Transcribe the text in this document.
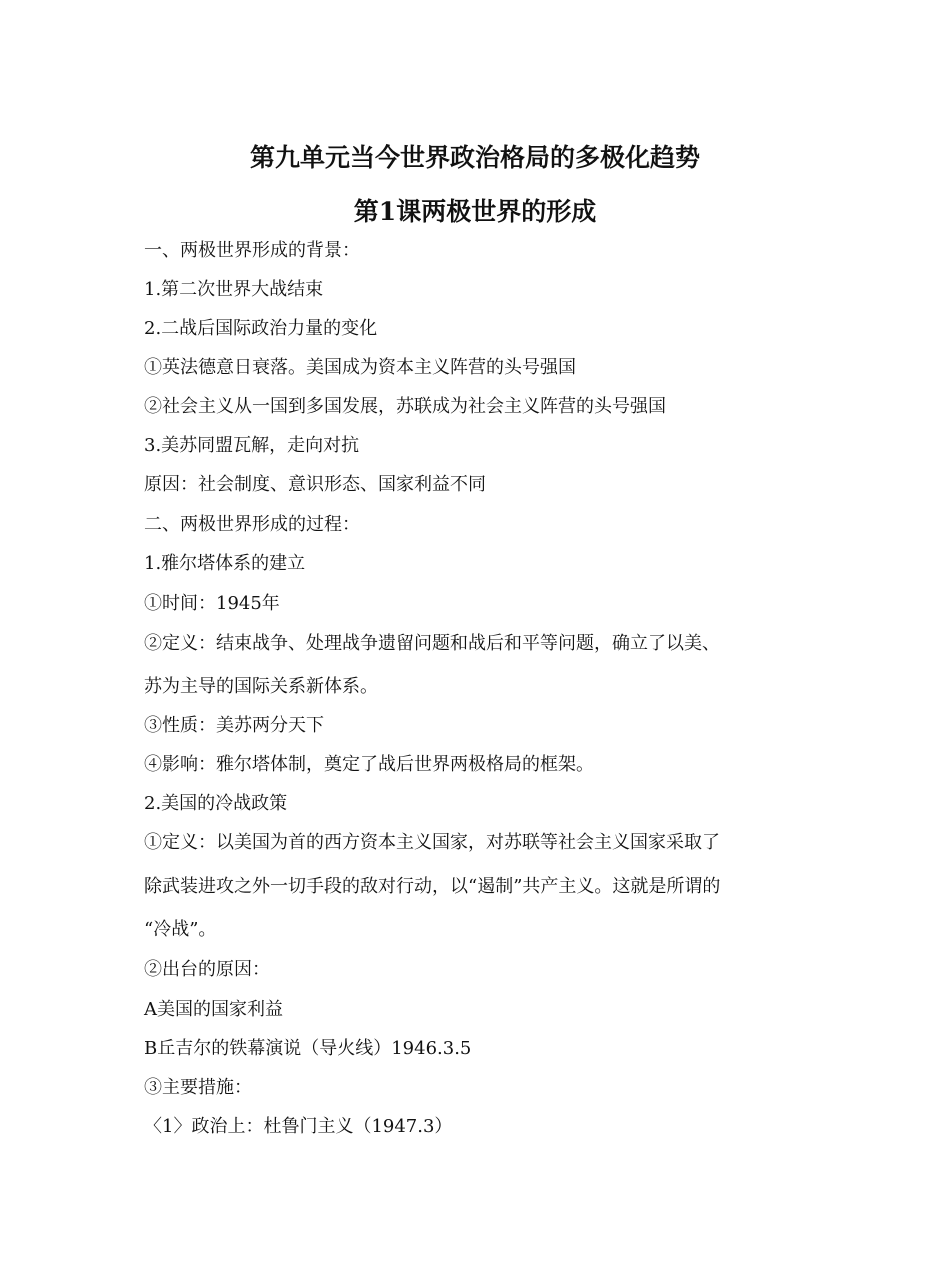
第九单元当今世界政治格局的多极化趋势
第1课两极世界的形成
一、两极世界形成的背景：
1.第二次世界大战结束
2.二战后国际政治力量的变化
①英法德意日衰落。美国成为资本主义阵营的头号强国
②社会主义从一国到多国发展，苏联成为社会主义阵营的头号强国
3.美苏同盟瓦解，走向对抗
原因：社会制度、意识形态、国家利益不同
二、两极世界形成的过程：
1.雅尔塔体系的建立
①时间：1945年
②定义：结束战争、处理战争遗留问题和战后和平等问题，确立了以美、
苏为主导的国际关系新体系。
③性质：美苏两分天下
④影响：雅尔塔体制，奠定了战后世界两极格局的框架。
2.美国的冷战政策
①定义：以美国为首的西方资本主义国家，对苏联等社会主义国家采取了
除武装进攻之外一切手段的敌对行动，以“遏制”共产主义。这就是所谓的
“冷战”。
②出台的原因：
A美国的国家利益
B丘吉尔的铁幕演说（导火线）1946.3.5
③主要措施：
〈1〉政治上：杜鲁门主义（1947.3）
